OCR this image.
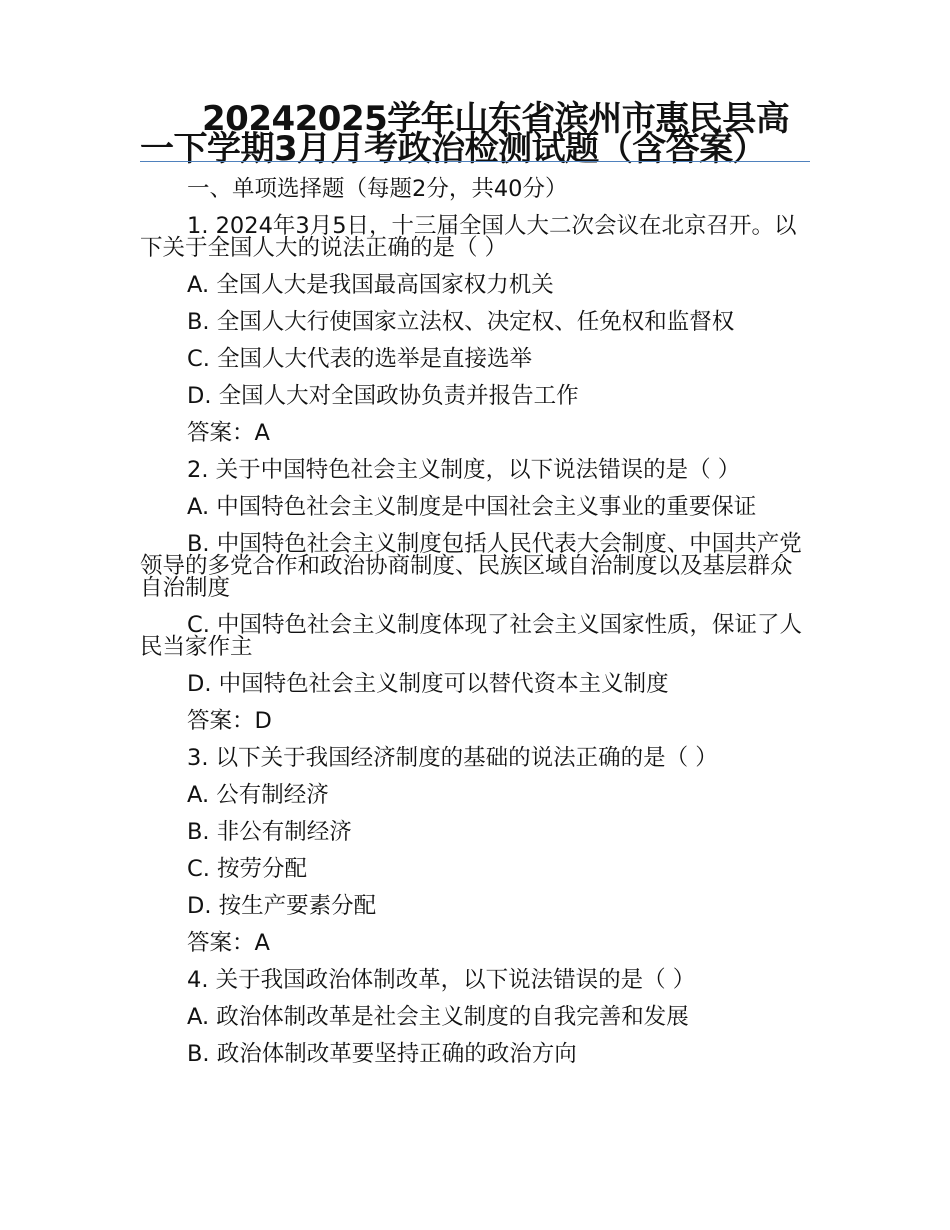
20242025学年山东省滨州市惠民县高一下学期3月月考政治检测试题（含答案）

一、单项选择题（每题2分，共40分）

1. 2024年3月5日，十三届全国人大二次会议在北京召开。以下关于全国人大的说法正确的是（ ）

A. 全国人大是我国最高国家权力机关

B. 全国人大行使国家立法权、决定权、任免权和监督权

C. 全国人大代表的选举是直接选举

D. 全国人大对全国政协负责并报告工作

答案：A

2. 关于中国特色社会主义制度，以下说法错误的是（ ）

A. 中国特色社会主义制度是中国社会主义事业的重要保证

B. 中国特色社会主义制度包括人民代表大会制度、中国共产党领导的多党合作和政治协商制度、民族区域自治制度以及基层群众自治制度

C. 中国特色社会主义制度体现了社会主义国家性质，保证了人民当家作主

D. 中国特色社会主义制度可以替代资本主义制度

答案：D

3. 以下关于我国经济制度的基础的说法正确的是（ ）

A. 公有制经济

B. 非公有制经济

C. 按劳分配

D. 按生产要素分配

答案：A

4. 关于我国政治体制改革，以下说法错误的是（ ）

A. 政治体制改革是社会主义制度的自我完善和发展

B. 政治体制改革要坚持正确的政治方向
